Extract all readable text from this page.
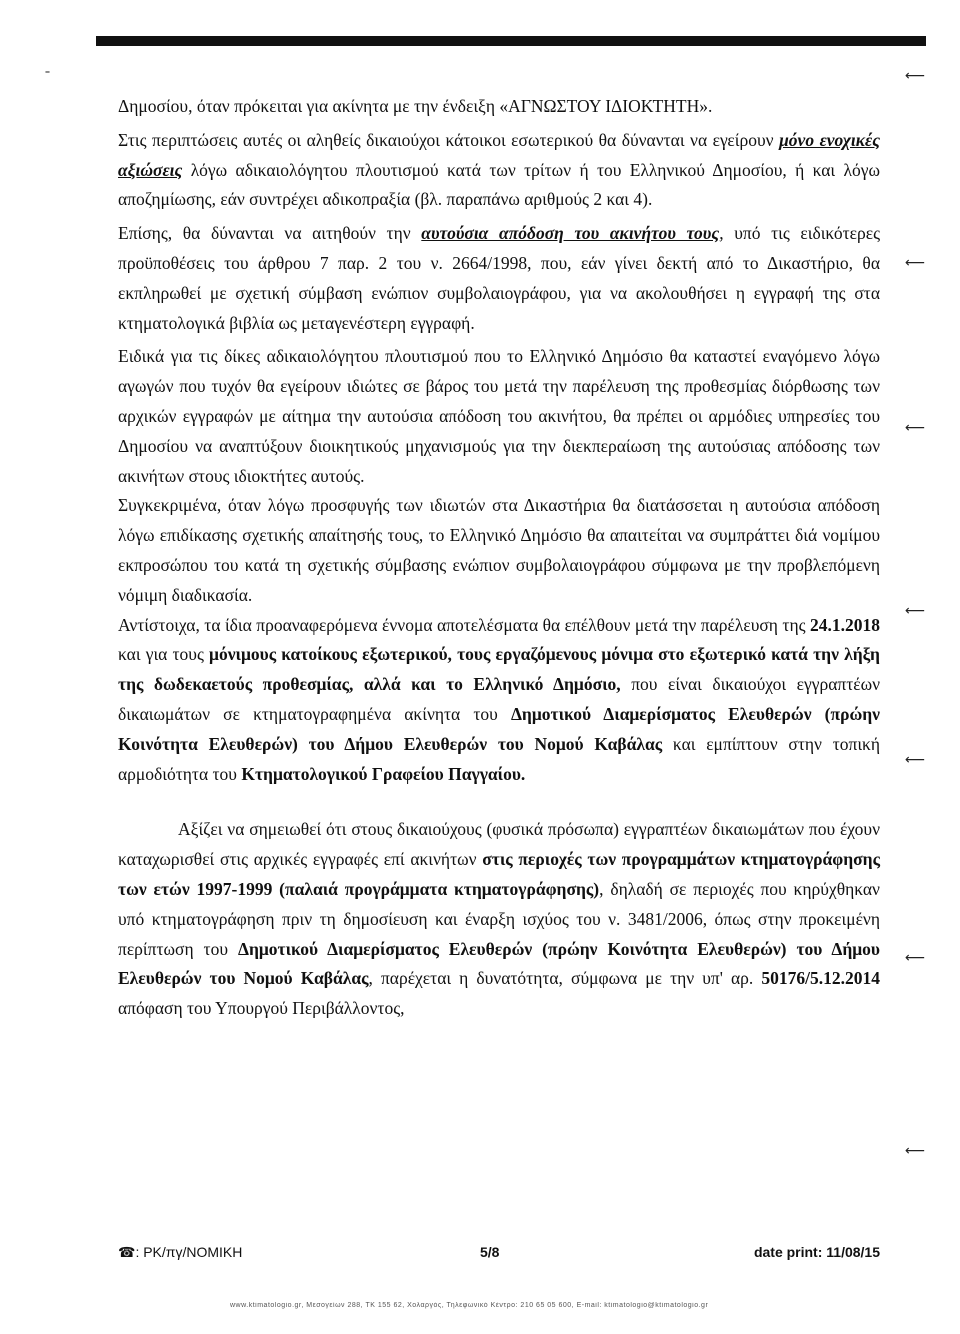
ˉ	⟵
⟵
⟵
⟵
⟵
⟵
⟵

Δημοσίου, όταν πρόκειται για ακίνητα με την ένδειξη «ΑΓΝΩΣΤΟΥ ΙΔΙΟΚΤΗΤΗ».

Στις περιπτώσεις αυτές οι αληθείς δικαιούχοι κάτοικοι εσωτερικού θα δύνανται να εγείρουν μόνο ενοχικές αξιώσεις λόγω αδικαιολόγητου πλουτισμού κατά των τρίτων ή του Ελληνικού Δημοσίου, ή και λόγω αποζημίωσης, εάν συντρέχει αδικοπραξία (βλ. παραπάνω αριθμούς 2 και 4).

Επίσης, θα δύνανται να αιτηθούν την αυτούσια απόδοση του ακινήτου τους, υπό τις ειδικότερες προϋποθέσεις του άρθρου 7 παρ. 2 του ν. 2664/1998, που, εάν γίνει δεκτή από το Δικαστήριο, θα εκπληρωθεί με σχετική σύμβαση ενώπιον συμβολαιογράφου, για να ακολουθήσει η εγγραφή της στα κτηματολογικά βιβλία ως μεταγενέστερη εγγραφή.

Ειδικά για τις δίκες αδικαιολόγητου πλουτισμού που το Ελληνικό Δημόσιο θα καταστεί εναγόμενο λόγω αγωγών που τυχόν θα εγείρουν ιδιώτες σε βάρος του μετά την παρέλευση της προθεσμίας διόρθωσης των αρχικών εγγραφών με αίτημα την αυτούσια απόδοση του ακινήτου, θα πρέπει οι αρμόδιες υπηρεσίες του Δημοσίου να αναπτύξουν διοικητικούς μηχανισμούς για την διεκπεραίωση της αυτούσιας απόδοσης των ακινήτων στους ιδιοκτήτες αυτούς.

Συγκεκριμένα, όταν λόγω προσφυγής των ιδιωτών στα Δικαστήρια θα διατάσσεται η αυτούσια απόδοση λόγω επιδίκασης σχετικής απαίτησής τους, το Ελληνικό Δημόσιο θα απαιτείται να συμπράττει διά νομίμου εκπροσώπου του κατά τη σχετικής σύμβασης ενώπιον συμβολαιογράφου σύμφωνα με την προβλεπόμενη νόμιμη διαδικασία.

Αντίστοιχα, τα ίδια προαναφερόμενα έννομα αποτελέσματα θα επέλθουν μετά την παρέλευση της 24.1.2018 και για τους μόνιμους κατοίκους εξωτερικού, τους εργαζόμενους μόνιμα στο εξωτερικό κατά την λήξη της δωδεκαετούς προθεσμίας, αλλά και το Ελληνικό Δημόσιο, που είναι δικαιούχοι εγγραπτέων δικαιωμάτων σε κτηματογραφημένα ακίνητα του Δημοτικού Διαμερίσματος Ελευθερών (πρώην Κοινότητα Ελευθερών) του Δήμου Ελευθερών του Νομού Καβάλας και εμπίπτουν στην τοπική αρμοδιότητα του Κτηματολογικού Γραφείου Παγγαίου.

Αξίζει να σημειωθεί ότι στους δικαιούχους (φυσικά πρόσωπα) εγγραπτέων δικαιωμάτων που έχουν καταχωρισθεί στις αρχικές εγγραφές επί ακινήτων στις περιοχές των προγραμμάτων κτηματογράφησης των ετών 1997-1999 (παλαιά προγράμματα κτηματογράφησης), δηλαδή σε περιοχές που κηρύχθηκαν υπό κτηματογράφηση πριν τη δημοσίευση και έναρξη ισχύος του ν. 3481/2006, όπως στην προκειμένη περίπτωση του Δημοτικού Διαμερίσματος Ελευθερών (πρώην Κοινότητα Ελευθερών) του Δήμου Ελευθερών του Νομού Καβάλας, παρέχεται η δυνατότητα, σύμφωνα με την υπ' αρ. 50176/5.12.2014 απόφαση του Υπουργού Περιβάλλοντος,

☎: ΡΚ/πγ/ΝΟΜΙΚΗ	5/8	date print: 11/08/15
www.ktimatologio.gr, Μεσογείων 288, ΤΚ 155 62, Χολαργός, Τηλεφωνικό Κέντρο: 210 65 05 600, E-mail: ktimatologio@ktimatologio.gr
